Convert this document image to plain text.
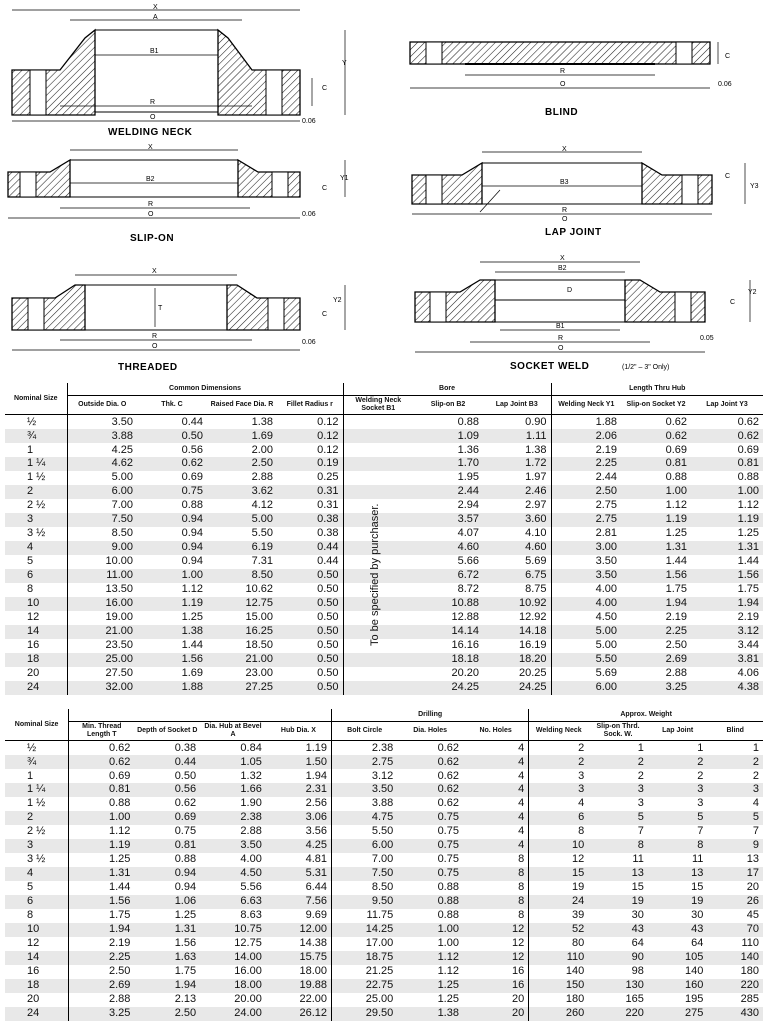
X
A
B1
Y
C
R
O
0.06
WELDING NECK
C
R
O	0.06
BLIND
X
B2	Y1
C
R
O	0.06
SLIP-ON
X
B3
Y3
C
R
O
LAP JOINT
X
T
Y2
C
R
O
0.06
THREADED
X
B2
D
C
Y2
B1
R
O
0.05
SOCKET WELD	(1/2" – 3" Only)
Nominal Size	Common Dimensions				Bore			Length Thru Hub		
	Outside Dia. O	Thk. C	Raised Face Dia. R	Fillet Radius r	Welding Neck Socket B1	Slip-on B2	Lap Joint B3	Welding Neck Y1	Slip-on Socket Y2	Lap Joint Y3
½	3.50	0.44	1.38	0.12		0.88	0.90	1.88	0.62	0.62
¾	3.88	0.50	1.69	0.12		1.09	1.11	2.06	0.62	0.62
1	4.25	0.56	2.00	0.12		1.36	1.38	2.19	0.69	0.69
1 ¼	4.62	0.62	2.50	0.19		1.70	1.72	2.25	0.81	0.81
1 ½	5.00	0.69	2.88	0.25		1.95	1.97	2.44	0.88	0.88
2	6.00	0.75	3.62	0.31		2.44	2.46	2.50	1.00	1.00
2 ½	7.00	0.88	4.12	0.31		2.94	2.97	2.75	1.12	1.12
3	7.50	0.94	5.00	0.38		3.57	3.60	2.75	1.19	1.19
3 ½	8.50	0.94	5.50	0.38		4.07	4.10	2.81	1.25	1.25
4	9.00	0.94	6.19	0.44		4.60	4.60	3.00	1.31	1.31
5	10.00	0.94	7.31	0.44		5.66	5.69	3.50	1.44	1.44
6	11.00	1.00	8.50	0.50		6.72	6.75	3.50	1.56	1.56
8	13.50	1.12	10.62	0.50		8.72	8.75	4.00	1.75	1.75
10	16.00	1.19	12.75	0.50		10.88	10.92	4.00	1.94	1.94
12	19.00	1.25	15.00	0.50		12.88	12.92	4.50	2.19	2.19
14	21.00	1.38	16.25	0.50		14.14	14.18	5.00	2.25	3.12
16	23.50	1.44	18.50	0.50		16.16	16.19	5.00	2.50	3.44
18	25.00	1.56	21.00	0.50		18.18	18.20	5.50	2.69	3.81
20	27.50	1.69	23.00	0.50		20.20	20.25	5.69	2.88	4.06
24	32.00	1.88	27.25	0.50		24.25	24.25	6.00	3.25	4.38
To be specified by purchaser.
Nominal Size					Drilling			Approx. Weight			
	Min. Thread Length T	Depth of Socket D	Dia. Hub at Bevel A	Hub Dia. X	Bolt Circle	Dia. Holes	No. Holes	Welding Neck	Slip-on Thrd. Sock. W.	Lap Joint	Blind
½	0.62	0.38	0.84	1.19	2.38	0.62	4	2	1	1	1
¾	0.62	0.44	1.05	1.50	2.75	0.62	4	2	2	2	2
1	0.69	0.50	1.32	1.94	3.12	0.62	4	3	2	2	2
1 ¼	0.81	0.56	1.66	2.31	3.50	0.62	4	3	3	3	3
1 ½	0.88	0.62	1.90	2.56	3.88	0.62	4	4	3	3	4
2	1.00	0.69	2.38	3.06	4.75	0.75	4	6	5	5	5
2 ½	1.12	0.75	2.88	3.56	5.50	0.75	4	8	7	7	7
3	1.19	0.81	3.50	4.25	6.00	0.75	4	10	8	8	9
3 ½	1.25	0.88	4.00	4.81	7.00	0.75	8	12	11	11	13
4	1.31	0.94	4.50	5.31	7.50	0.75	8	15	13	13	17
5	1.44	0.94	5.56	6.44	8.50	0.88	8	19	15	15	20
6	1.56	1.06	6.63	7.56	9.50	0.88	8	24	19	19	26
8	1.75	1.25	8.63	9.69	11.75	0.88	8	39	30	30	45
10	1.94	1.31	10.75	12.00	14.25	1.00	12	52	43	43	70
12	2.19	1.56	12.75	14.38	17.00	1.00	12	80	64	64	110
14	2.25	1.63	14.00	15.75	18.75	1.12	12	110	90	105	140
16	2.50	1.75	16.00	18.00	21.25	1.12	16	140	98	140	180
18	2.69	1.94	18.00	19.88	22.75	1.25	16	150	130	160	220
20	2.88	2.13	20.00	22.00	25.00	1.25	20	180	165	195	285
24	3.25	2.50	24.00	26.12	29.50	1.38	20	260	220	275	430
